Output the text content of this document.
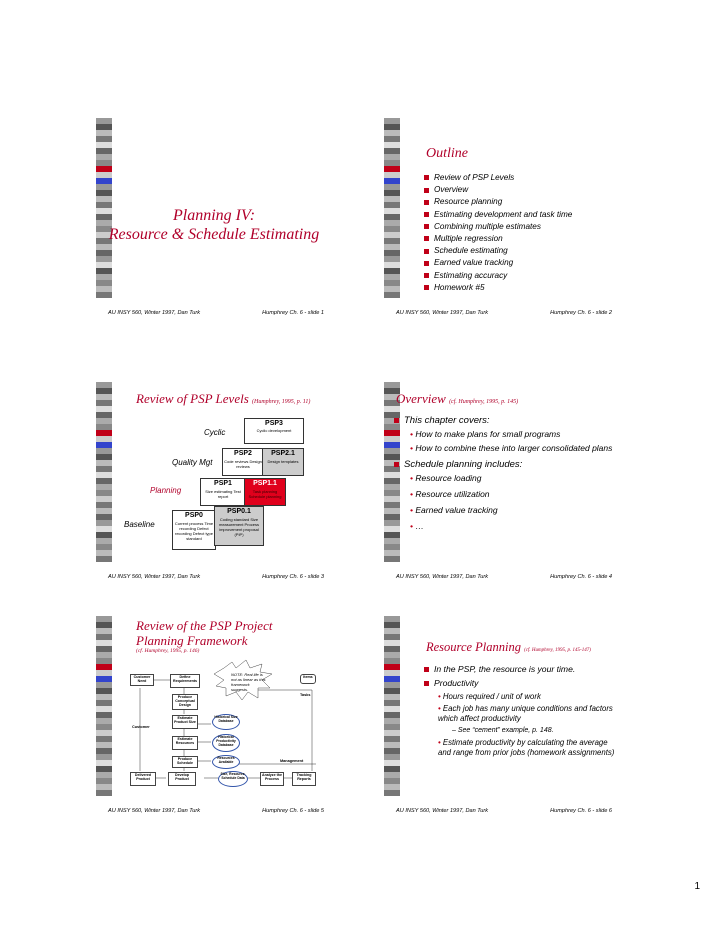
Planning IV:
Resource & Schedule Estimating
AU INSY 560, Winter 1997, Dan Turk	Humphrey Ch. 6 - slide 1
Outline
Review of PSP Levels
Overview
Resource planning
Estimating development and task time
Combining multiple estimates
Multiple regression
Schedule estimating
Earned value tracking
Estimating accuracy
Homework #5
AU INSY 560, Winter 1997, Dan Turk	Humphrey Ch. 6 - slide 2
Review of PSP Levels (Humphrey, 1995, p. 11)
Cyclic
Quality Mgt
Planning
Baseline
PSP3
Cyclic development
PSP2
Code reviews Design reviews
PSP2.1
Design templates
PSP1
Size estimating Test report
PSP1.1
Task planning Schedule planning
PSP0
Current process Time recording Defect recording Defect type standard
PSP0.1
Coding standard Size measurement Process improvement proposal (PIP)
AU INSY 560, Winter 1997, Dan Turk	Humphrey Ch. 6 - slide 3
Overview (cf. Humphrey, 1995, p. 145)
This chapter covers:
• How to make plans for small programs
• How to combine these into larger consolidated plans
Schedule planning includes:
• Resource loading
• Resource utilization
• Earned value tracking
• …
AU INSY 560, Winter 1997, Dan Turk	Humphrey Ch. 6 - slide 4
Review of the PSP Project
Planning Framework
(cf. Humphrey, 1995, p. 146)
NOTE: Real life is not as linear as this framework suggests.
Customer Need
Define Requirements
Produce Conceptual Design
Estimate Product Size
Historical Size Database
Estimate Resources
Historical Productivity Database
Produce Schedule
Resources Available
Delivered Product
Develop Product
Size, Resource, Schedule Data
Analyze the Process
Tracking Reports
Items
Tasks
Customer
Management
AU INSY 560, Winter 1997, Dan Turk	Humphrey Ch. 6 - slide 5
Resource Planning (cf. Humphrey, 1995, p. 145-147)
In the PSP, the resource is your time.
Productivity
• Hours required / unit of work
• Each job has many unique conditions and factors which affect productivity
– See “cement” example, p. 148.
• Estimate productivity by calculating the average and range from prior jobs (homework assignments)
AU INSY 560, Winter 1997, Dan Turk	Humphrey Ch. 6 - slide 6
1
